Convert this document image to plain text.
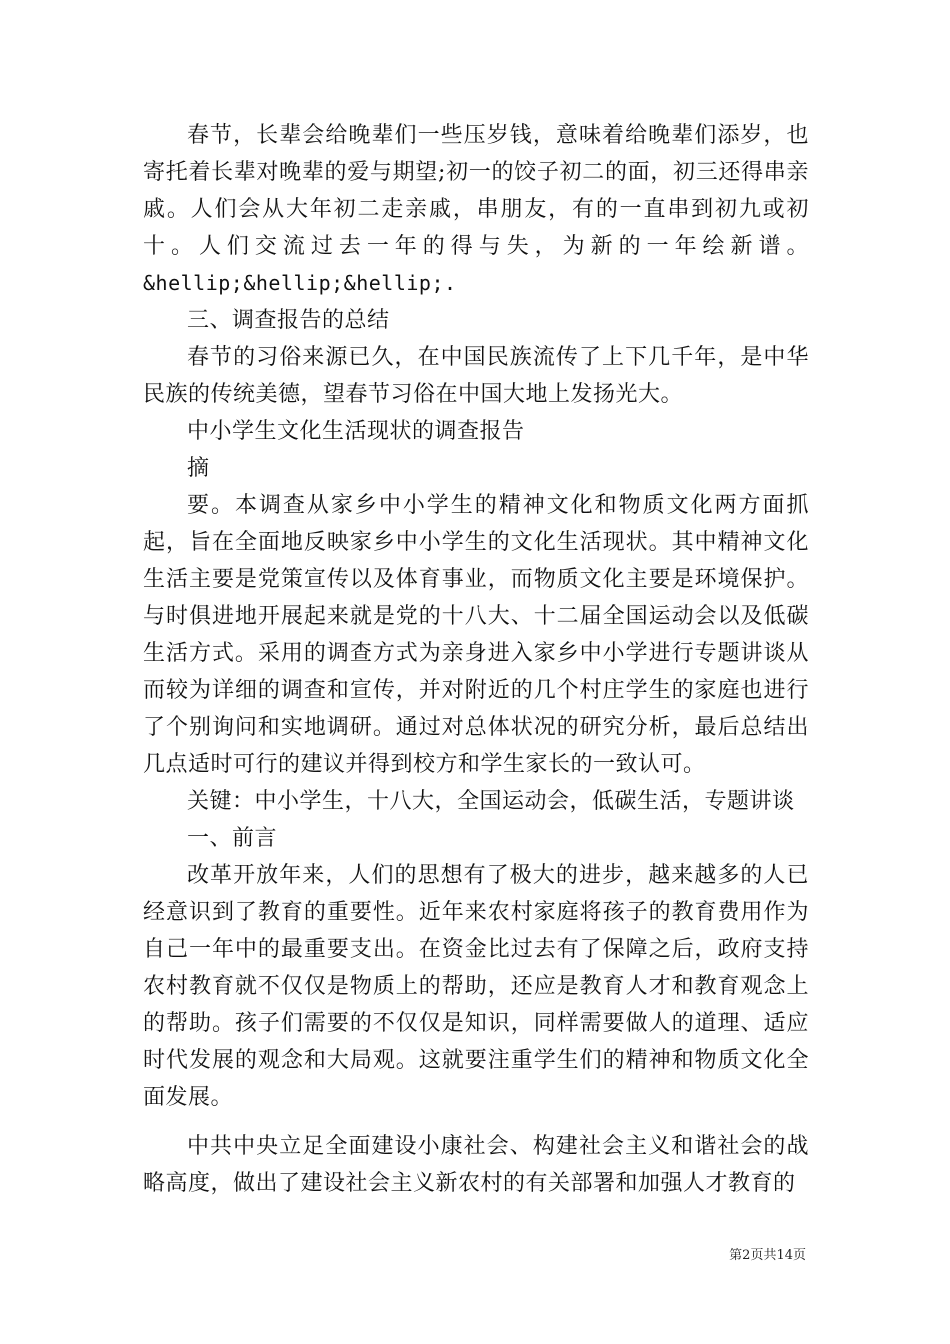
春节，长辈会给晚辈们一些压岁钱，意味着给晚辈们添岁，也寄托着长辈对晚辈的爱与期望;初一的饺子初二的面，初三还得串亲戚。人们会从大年初二走亲戚，串朋友，有的一直串到初九或初十。人们交流过去一年的得与失，为新的一年绘新谱。

&hellip;&hellip;&hellip;.

三、调查报告的总结

春节的习俗来源已久，在中国民族流传了上下几千年，是中华民族的传统美德，望春节习俗在中国大地上发扬光大。

中小学生文化生活现状的调查报告

摘

要。本调查从家乡中小学生的精神文化和物质文化两方面抓起，旨在全面地反映家乡中小学生的文化生活现状。其中精神文化生活主要是党策宣传以及体育事业，而物质文化主要是环境保护。与时俱进地开展起来就是党的十八大、十二届全国运动会以及低碳生活方式。采用的调查方式为亲身进入家乡中小学进行专题讲谈从而较为详细的调查和宣传，并对附近的几个村庄学生的家庭也进行了个别询问和实地调研。通过对总体状况的研究分析，最后总结出几点适时可行的建议并得到校方和学生家长的一致认可。

关键：中小学生，十八大，全国运动会，低碳生活，专题讲谈

一、前言

改革开放年来，人们的思想有了极大的进步，越来越多的人已经意识到了教育的重要性。近年来农村家庭将孩子的教育费用作为自己一年中的最重要支出。在资金比过去有了保障之后，政府支持农村教育就不仅仅是物质上的帮助，还应是教育人才和教育观念上的帮助。孩子们需要的不仅仅是知识，同样需要做人的道理、适应时代发展的观念和大局观。这就要注重学生们的精神和物质文化全面发展。

中共中央立足全面建设小康社会、构建社会主义和谐社会的战略高度，做出了建设社会主义新农村的有关部署和加强人才教育的

第2页共14页
